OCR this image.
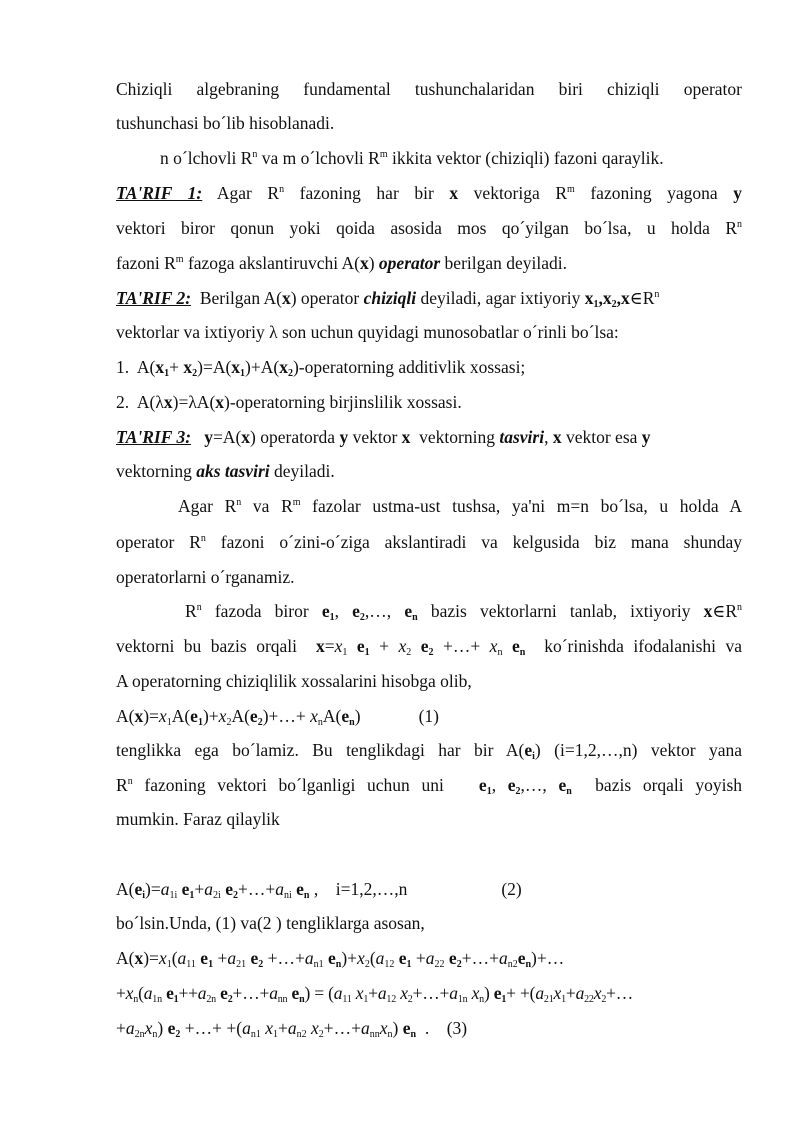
Chiziqli algebraning fundamental tushunchalaridan biri chiziqli operator
tushunchasi bo´lib hisoblanadi.
n o´lchovli $R^n$ va m o´lchovli $R^m$ ikkita vektor (chiziqli) fazoni qaraylik.
TA'RIF 1: Agar $R^n$ fazoning har bir x vektoriga $R^m$ fazoning yagona y
vektori biror qonun yoki qoida asosida mos qo´yilgan bo´lsa, u holda $R^n$
fazoni $R^m$ fazoga akslantiruvchi A(x) operator berilgan deyiladi.
TA'RIF 2:  Berilgan A(x) operator chiziqli deyiladi, agar ixtiyoriy $x_1,x_2,x\in R^n$
vektorlar va ixtiyoriy λ son uchun quyidagi munosobatlar o´rinli bo´lsa:
1.  $A(x_1+$ $x_2)=A(x_1)+A(x_2)$-operatorning additivlik xossasi;
2.  A(λx)=λA(x)-operatorning birjinslilik xossasi.
TA'RIF 3: y=A(x) operatorda y vektor x  vektorning tasviri, x vektor esa y
vektorning aks tasviri deyiladi.
Agar $R^n$ va $R^m$ fazolar ustma-ust tushsa, ya'ni m=n bo´lsa, u holda A
operator $R^n$ fazoni o´zini-o´ziga akslantiradi va kelgusida biz mana shunday
operatorlarni o´rganamiz.
$R^n$ fazoda biror $e_1$, $e_2,\dots$, $e_n$ bazis vektorlarni tanlab, ixtiyoriy $x\in R^n$
vektorni bu bazis orqali  $x=x_1$ $e_1 + x_2$ $e_2$ +…+ $x_n$ $e_n$  ko´rinishda ifodalanishi va
A operatorning chiziqlilik xossalarini hisobga olib,
$A(x)=x_1A(e_1)+x_2A(e_2)+\dots+ x_nA(e_n)$	(1)
tenglikka ega bo´lamiz. Bu tenglikdagi har bir $A(e_i)$ (i=1,2,…,n) vektor yana
$R^n$ fazoning vektori bo´lganligi uchun uni   $e_1$, $e_2,\dots$, $e_n$  bazis orqali yoyish
mumkin. Faraz qilaylik
$A(e_i)=a_{1i}$ $e_1+a_{2i}$ $e_2+\dots+a_{ni}$ $e_n$ ,    i=1,2,…,n	(2)
bo´lsin.Unda, (1) va(2 ) tengliklarga asosan,
$A(x)=x_1(a_{11}$ $e_1 +a_{21}$ $e_2$ $+\dots+a_{n1}$ $e_n)+x_2(a_{12}$ $e_1 +a_{22}$ $e_2+\dots+a_{n2}e_n)+\dots$
$+x_n(a_{1n}$ $e_1++a_{2n}$ $e_2+\dots+a_{nn}$ $e_n) = (a_{11}$ $x_1+a_{12}$ $x_2+\dots+a_{1n}$ $x_n$) $e_1+$ $+(a_{21}x_1+a_{22}x_2+\dots$
$+a_{2n}x_n$) $e_2$ +…+ $+(a_{n1}$ $x_1+a_{n2}$ $x_2+\dots+a_{nn}x_n$) $e_n$  .    (3)
